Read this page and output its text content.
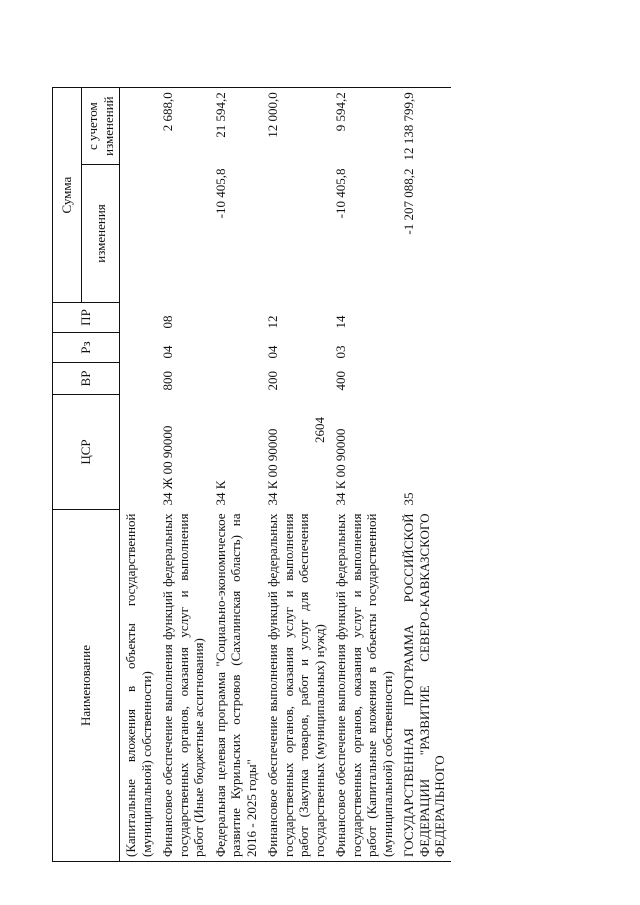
2604
Наименование	ЦСР	ВР	Рз	ПР	Сумма	
					изменения	с учетом изменений
(Капитальные вложения в объекты государственной (муниципальной) собственности)						
Финансовое обеспечение выполнения функций федеральных государственных органов, оказания услуг и выполнения работ (Иные бюджетные ассигнования)	34 Ж 00 90000	800	04	08		2 688,0
Федеральная целевая программа "Социально-экономическое развитие Курильских островов (Сахалинская область) на 2016 - 2025 годы"	34 К				-10 405,8	21 594,2
Финансовое обеспечение выполнения функций федеральных государственных органов, оказания услуг и выполнения работ (Закупка товаров, работ и услуг для обеспечения государственных (муниципальных) нужд)	34 К 00 90000	200	04	12		12 000,0
Финансовое обеспечение выполнения функций федеральных государственных органов, оказания услуг и выполнения работ (Капитальные вложения в объекты государственной (муниципальной) собственности)	34 К 00 90000	400	03	14	-10 405,8	9 594,2
ГОСУДАРСТВЕННАЯ ПРОГРАММА РОССИЙСКОЙ ФЕДЕРАЦИИ "РАЗВИТИЕ СЕВЕРО-КАВКАЗСКОГО ФЕДЕРАЛЬНОГО	35				-1 207 088,2	12 138 799,9
